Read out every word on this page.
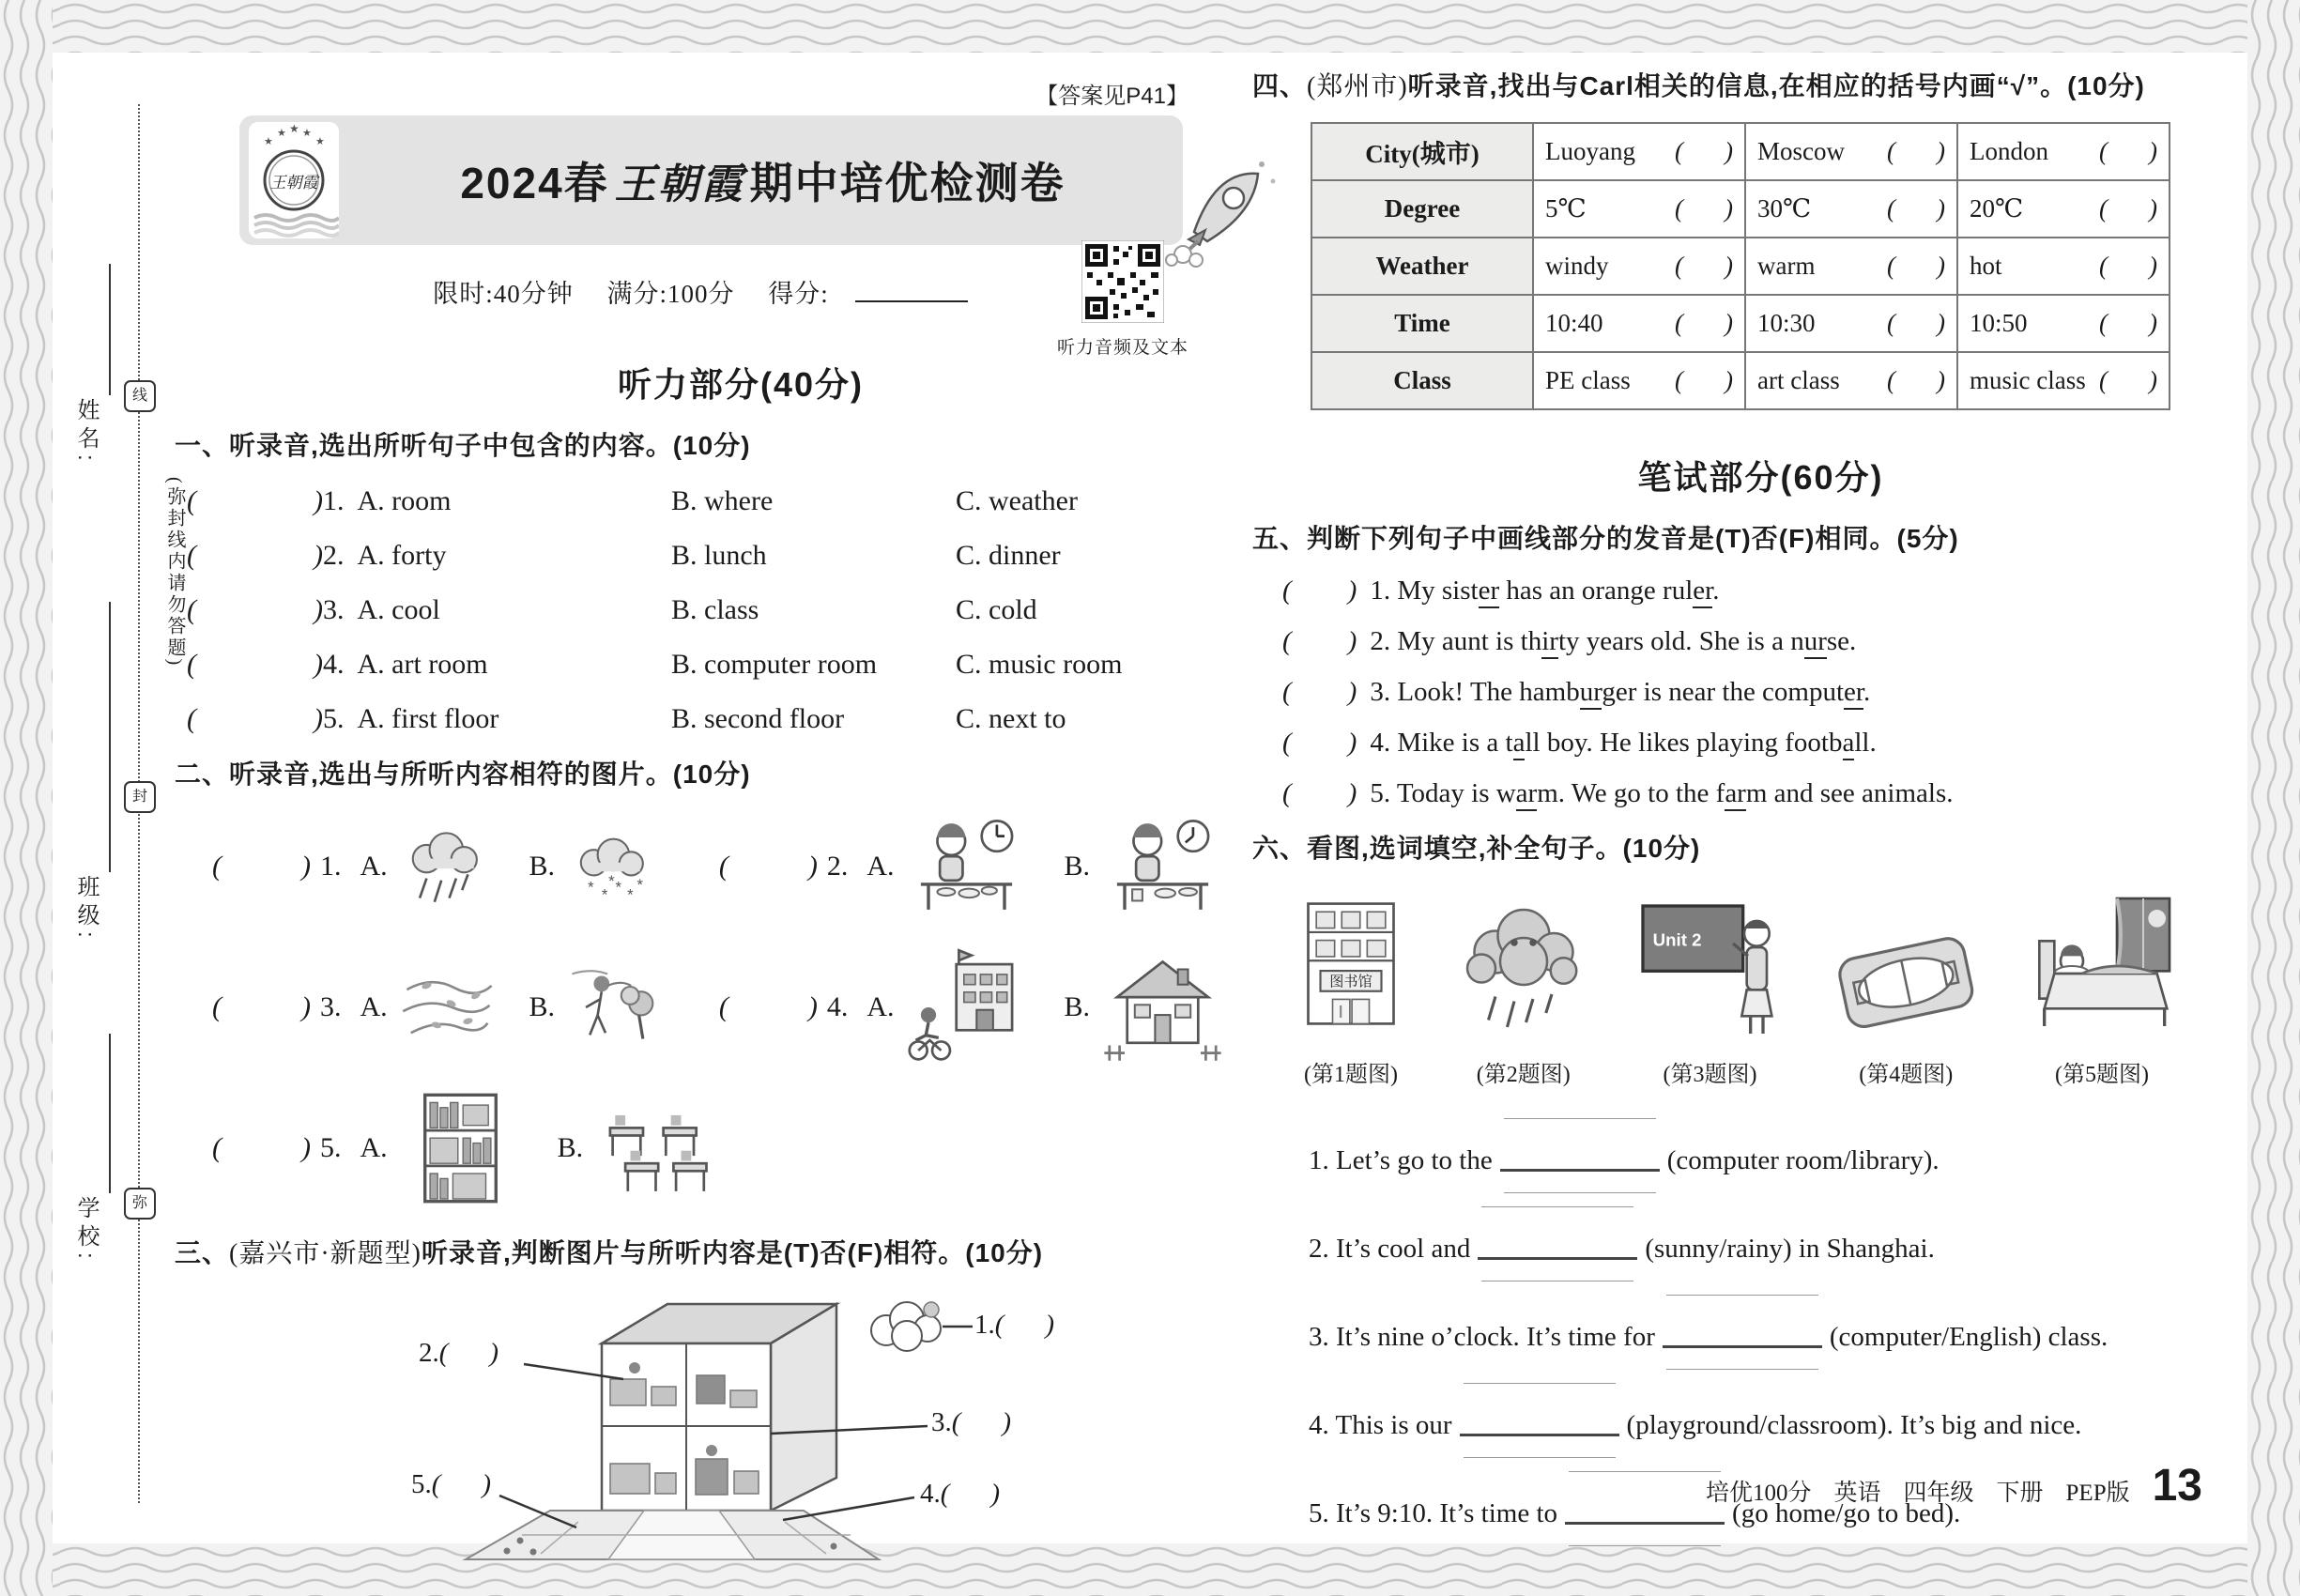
线
封
弥
姓名:
(弥封线内请勿答题)
班级:
学校:
【答案见P41】
★
★ ★ ★
★
王朝霞	2024春 王朝霞 期中培优检测卷
限时:40分钟 满分:100分 得分:
听力音频及文本
听力部分(40分)
一、听录音,选出所听句子中包含的内容。(10分)
(	) 1. A. room	B. where	C. weather
(	) 2. A. forty	B. lunch	C. dinner
(	) 3. A. cool	B. class	C. cold
(	) 4. A. art room	B. computer room	C. music room
(	) 5. A. first floor	B. second floor	C. next to
二、听录音,选出与所听内容相符的图片。(10分)
(	) 1. A.	B.
* * * *
* *
(	) 2. A.	B.
(	) 3. A.	B.	(	) 4. A.	B.
(	) 5. A.	B.
三、(嘉兴市·新题型)听录音,判断图片与所听内容是(T)否(F)相符。(10分)
1. ( )
2. ( )
3. ( )
4. ( )
5. ( )
四、(郑州市)听录音,找出与Carl相关的信息,在相应的括号内画“√”。(10分)
City(城市)	Luoyang ( )	Moscow ( )	London ( )

Degree	5℃ ( )	30℃ ( )	20℃ ( )

Weather	windy ( )	warm ( )	hot ( )

Time	10:40 ( )	10:30 ( )	10:50 ( )

Class	PE class ( )	art class ( )	music class ( )
笔试部分(60分)
五、判断下列句子中画线部分的发音是(T)否(F)相同。(5分)
( ) 1. My sister has an orange ruler.
( ) 2. My aunt is thirty years old. She is a nurse.
( ) 3. Look! The hamburger is near the computer.
( ) 4. Mike is a tall boy. He likes playing football.
( ) 5. Today is warm. We go to the farm and see animals.
六、看图,选词填空,补全句子。(10分)
图书馆
(第1题图)	(第2题图)
Unit 2
(第3题图)	(第4题图)	(第5题图)
1. Let’s go to the	(computer room/library).
2. It’s cool and	(sunny/rainy) in Shanghai.
3. It’s nine o’clock. It’s time for	(computer/English) class.
4. This is our	(playground/classroom). It’s big and nice.
5. It’s 9:10. It’s time to	(go home/go to bed).
培优100分 英语 四年级 下册 PEP版 13
